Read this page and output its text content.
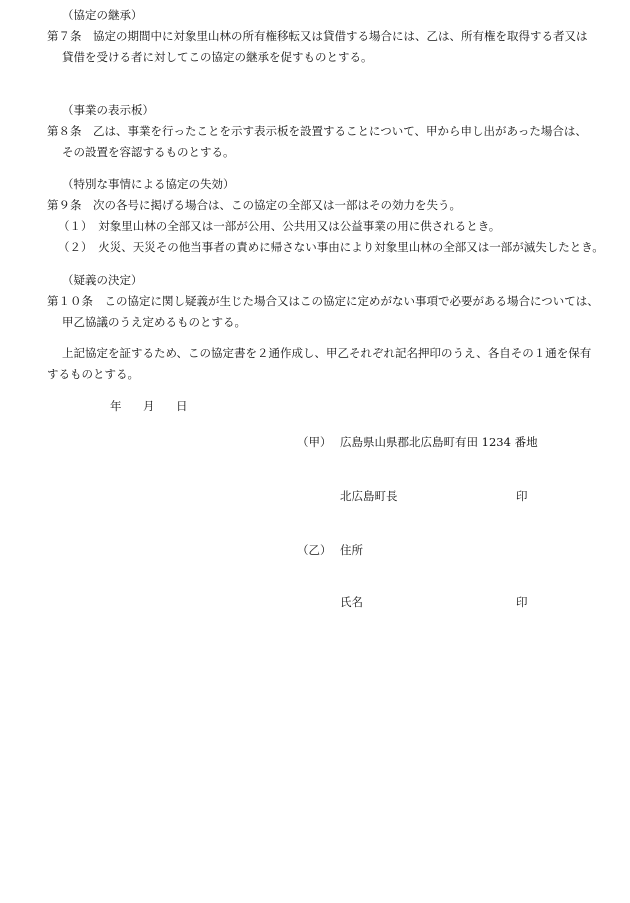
（協定の継承）
第７条　協定の期間中に対象里山林の所有権移転又は貸借する場合には、乙は、所有権を取得する者又は
貸借を受ける者に対してこの協定の継承を促すものとする。
（事業の表示板）
第８条　乙は、事業を行ったことを示す表示板を設置することについて、甲から申し出があった場合は、
その設置を容認するものとする。
（特別な事情による協定の失効）
第９条　次の各号に掲げる場合は、この協定の全部又は一部はその効力を失う。
（１）　対象里山林の全部又は一部が公用、公共用又は公益事業の用に供されるとき。
（２）　火災、天災その他当事者の責めに帰さない事由により対象里山林の全部又は一部が滅失したとき。
（疑義の決定）
第１０条　この協定に関し疑義が生じた場合又はこの協定に定めがない事項で必要がある場合については、
甲乙協議のうえ定めるものとする。
上記協定を証するため、この協定書を２通作成し、甲乙それぞれ記名押印のうえ、各自その１通を保有
するものとする。
年 月 日
（甲） 広島県山県郡北広島町有田 1234 番地
北広島町長	印
（乙） 住所
氏名	印
